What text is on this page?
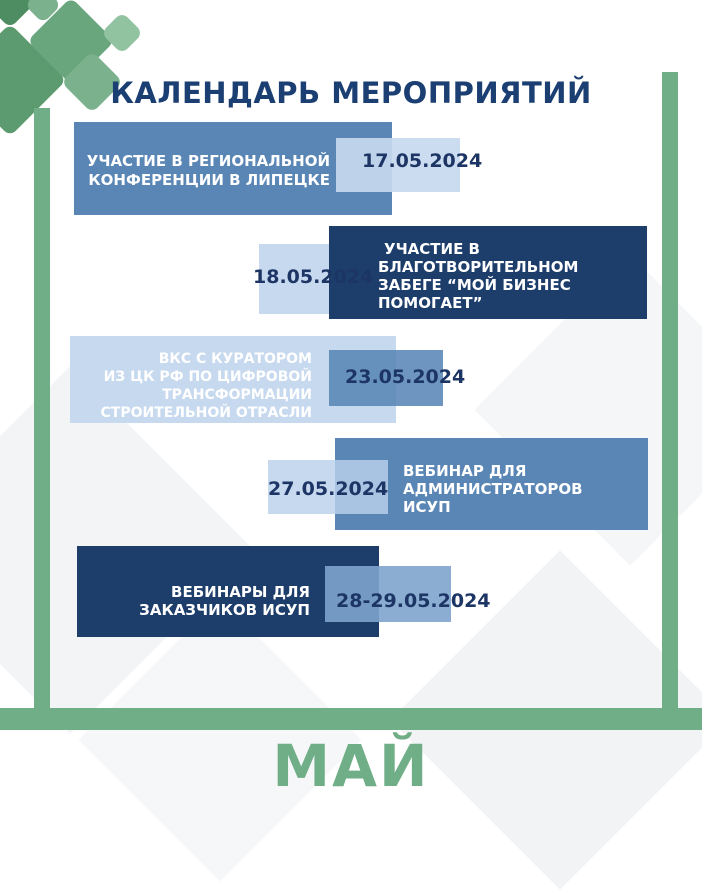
КАЛЕНДАРЬ МЕРОПРИЯТИЙ
УЧАСТИЕ В РЕГИОНАЛЬНОЙ
КОНФЕРЕНЦИИ В ЛИПЕЦКЕ
17.05.2024
18.05.2024
УЧАСТИЕ В
БЛАГОТВОРИТЕЛЬНОМ
ЗАБЕГЕ “МОЙ БИЗНЕС
ПОМОГАЕТ”
ВКС С КУРАТОРОМ
ИЗ ЦК РФ ПО ЦИФРОВОЙ
ТРАНСФОРМАЦИИ
СТРОИТЕЛЬНОЙ ОТРАСЛИ
23.05.2024
27.05.2024
ВЕБИНАР ДЛЯ
АДМИНИСТРАТОРОВ
ИСУП
ВЕБИНАРЫ ДЛЯ
ЗАКАЗЧИКОВ ИСУП 28-29.05.2024
МАЙ
